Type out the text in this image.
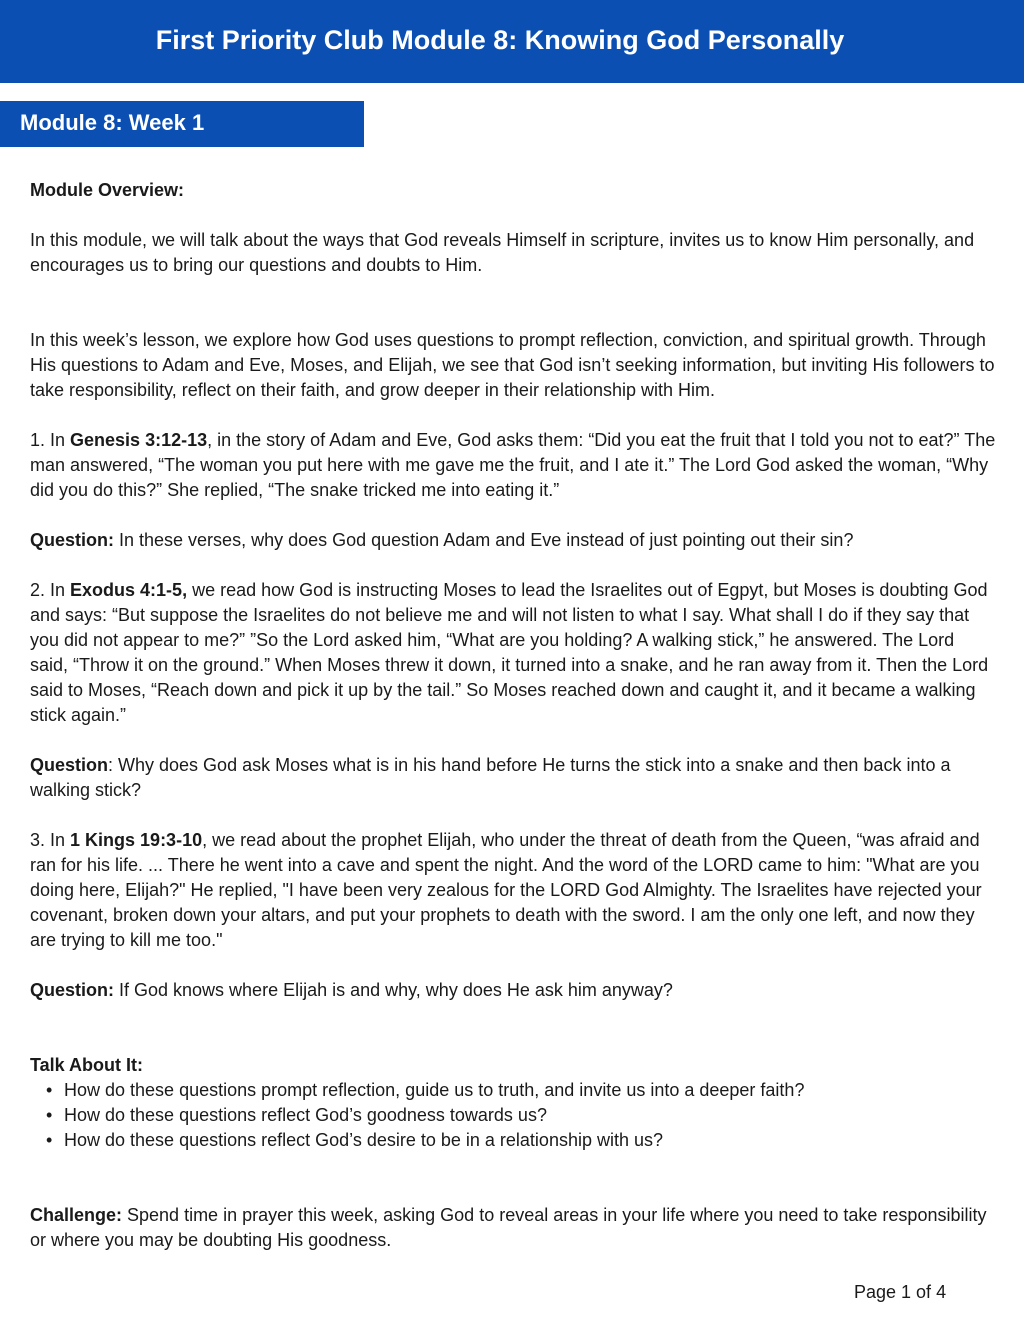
First Priority Club Module 8: Knowing God Personally
Module 8: Week 1

Module Overview:

In this module, we will talk about the ways that God reveals Himself in scripture, invites us to know Him personally, and encourages us to bring our questions and doubts to Him.

In this week’s lesson, we explore how God uses questions to prompt reflection, conviction, and spiritual growth. Through His questions to Adam and Eve, Moses, and Elijah, we see that God isn’t seeking information, but inviting His followers to take responsibility, reflect on their faith, and grow deeper in their relationship with Him.

1. In Genesis 3:12-13, in the story of Adam and Eve, God asks them: “Did you eat the fruit that I told you not to eat?” The man answered, “The woman you put here with me gave me the fruit, and I ate it.” The Lord God asked the woman, “Why did you do this?” She replied, “The snake tricked me into eating it.”

Question: In these verses, why does God question Adam and Eve instead of just pointing out their sin?

2. In Exodus 4:1-5, we read how God is instructing Moses to lead the Israelites out of Egpyt, but Moses is doubting God and says: “But suppose the Israelites do not believe me and will not listen to what I say. What shall I do if they say that you did not appear to me?” ”So the Lord asked him, “What are you holding? A walking stick,” he answered. The Lord said, “Throw it on the ground.” When Moses threw it down, it turned into a snake, and he ran away from it. Then the Lord said to Moses, “Reach down and pick it up by the tail.” So Moses reached down and caught it, and it became a walking stick again.”

Question: Why does God ask Moses what is in his hand before He turns the stick into a snake and then back into a walking stick?

3. In 1 Kings 19:3-10, we read about the prophet Elijah, who under the threat of death from the Queen, “was afraid and ran for his life. ... There he went into a cave and spent the night. And the word of the LORD came to him: "What are you doing here, Elijah?" He replied, "I have been very zealous for the LORD God Almighty. The Israelites have rejected your covenant, broken down your altars, and put your prophets to death with the sword. I am the only one left, and now they are trying to kill me too."

Question: If God knows where Elijah is and why, why does He ask him anyway?

Talk About It:

• How do these questions prompt reflection, guide us to truth, and invite us into a deeper faith?
• How do these questions reflect God’s goodness towards us?
• How do these questions reflect God’s desire to be in a relationship with us?

Challenge: Spend time in prayer this week, asking God to reveal areas in your life where you need to take responsibility or where you may be doubting His goodness.

Page 1 of 4
